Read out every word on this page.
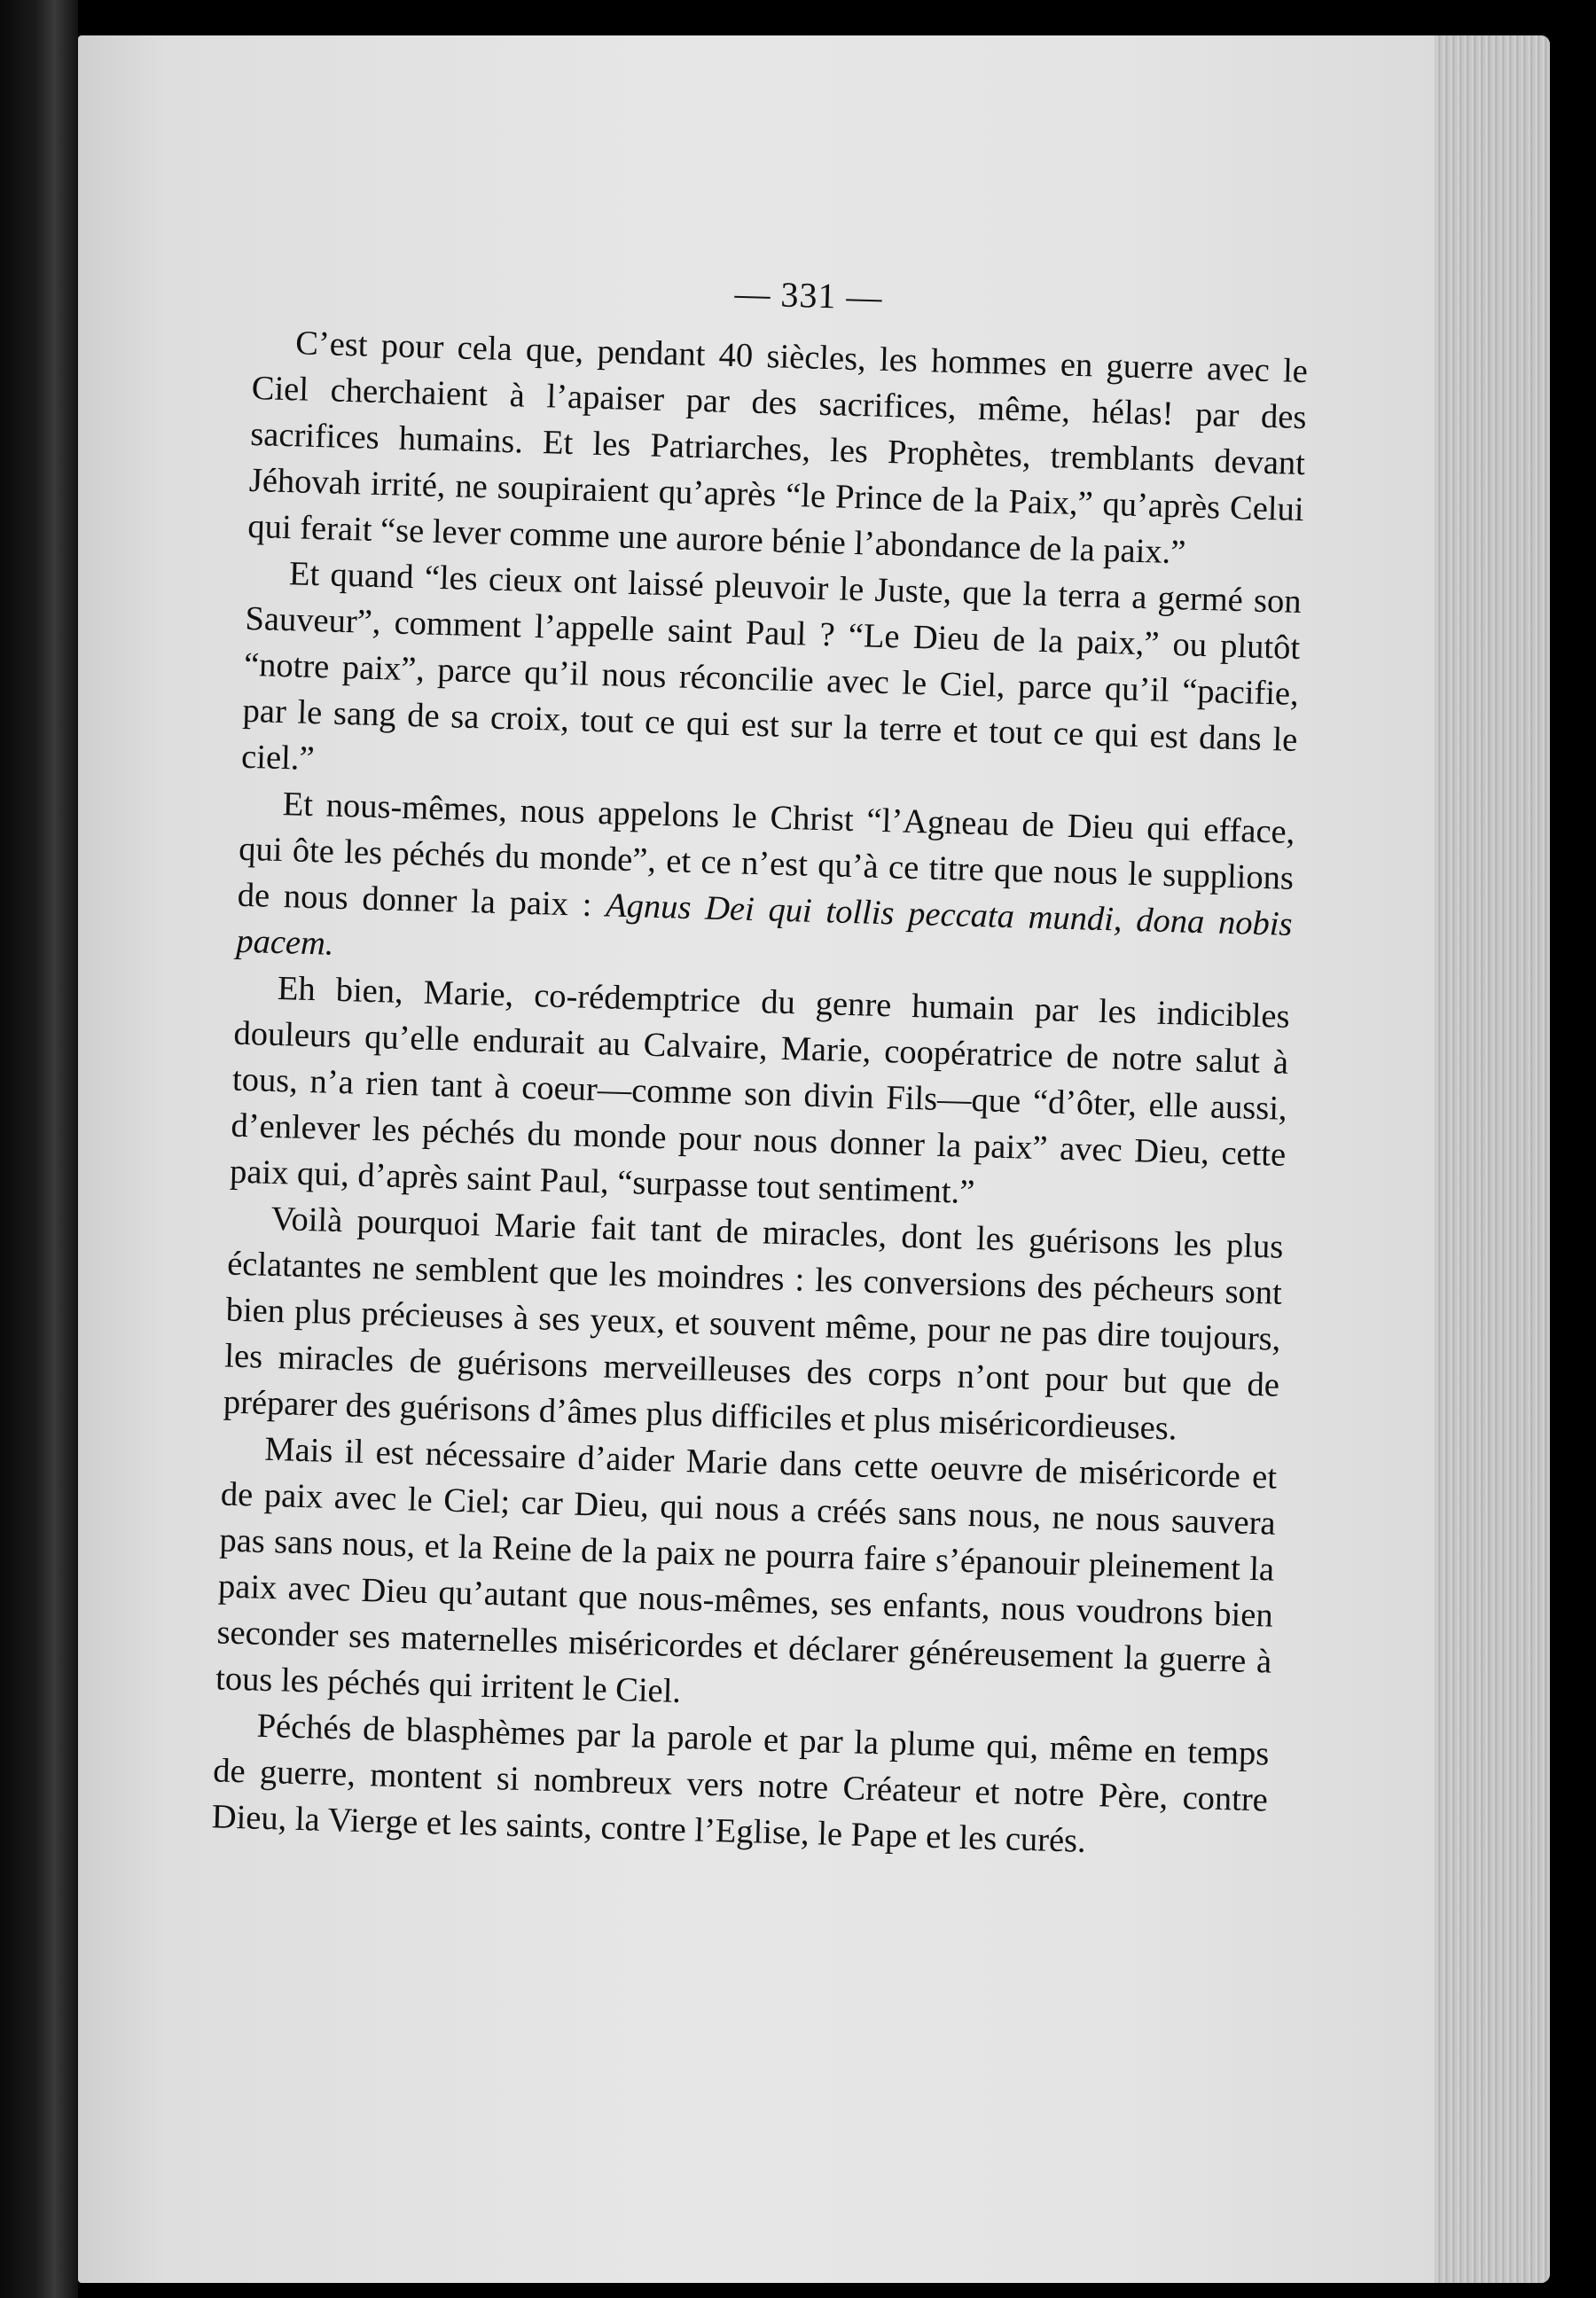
— 331 —

C’est pour cela que, pendant 40 siècles, les hommes en guerre avec le Ciel cherchaient à l’apaiser par des sacrifices, même, hélas! par des sacrifices humains. Et les Patriarches, les Prophètes, tremblants devant Jéhovah irrité, ne soupiraient qu’après “le Prince de la Paix,” qu’après Celui qui ferait “se lever comme une aurore bénie l’abondance de la paix.”

Et quand “les cieux ont laissé pleuvoir le Juste, que la terra a germé son Sauveur”, comment l’appelle saint Paul ? “Le Dieu de la paix,” ou plutôt “notre paix”, parce qu’il nous réconcilie avec le Ciel, parce qu’il “pacifie, par le sang de sa croix, tout ce qui est sur la terre et tout ce qui est dans le ciel.”

Et nous-mêmes, nous appelons le Christ “l’Agneau de Dieu qui efface, qui ôte les péchés du monde”, et ce n’est qu’à ce titre que nous le supplions de nous donner la paix : Agnus Dei qui tollis peccata mundi, dona nobis pacem.

Eh bien, Marie, co-rédemptrice du genre humain par les indicibles douleurs qu’elle endurait au Calvaire, Marie, coopératrice de notre salut à tous, n’a rien tant à coeur—comme son divin Fils—que “d’ôter, elle aussi, d’enlever les péchés du monde pour nous donner la paix” avec Dieu, cette paix qui, d’après saint Paul, “surpasse tout sentiment.”

Voilà pourquoi Marie fait tant de miracles, dont les guérisons les plus éclatantes ne semblent que les moindres : les conversions des pécheurs sont bien plus précieuses à ses yeux, et souvent même, pour ne pas dire toujours, les miracles de guérisons merveilleuses des corps n’ont pour but que de préparer des guérisons d’âmes plus difficiles et plus miséricordieuses.

Mais il est nécessaire d’aider Marie dans cette oeuvre de miséricorde et de paix avec le Ciel; car Dieu, qui nous a créés sans nous, ne nous sauvera pas sans nous, et la Reine de la paix ne pourra faire s’épanouir pleinement la paix avec Dieu qu’autant que nous-mêmes, ses enfants, nous voudrons bien seconder ses maternelles miséricordes et déclarer généreusement la guerre à tous les péchés qui irritent le Ciel.

Péchés de blasphèmes par la parole et par la plume qui, même en temps de guerre, montent si nombreux vers notre Créateur et notre Père, contre Dieu, la Vierge et les saints, contre l’Eglise, le Pape et les curés.
